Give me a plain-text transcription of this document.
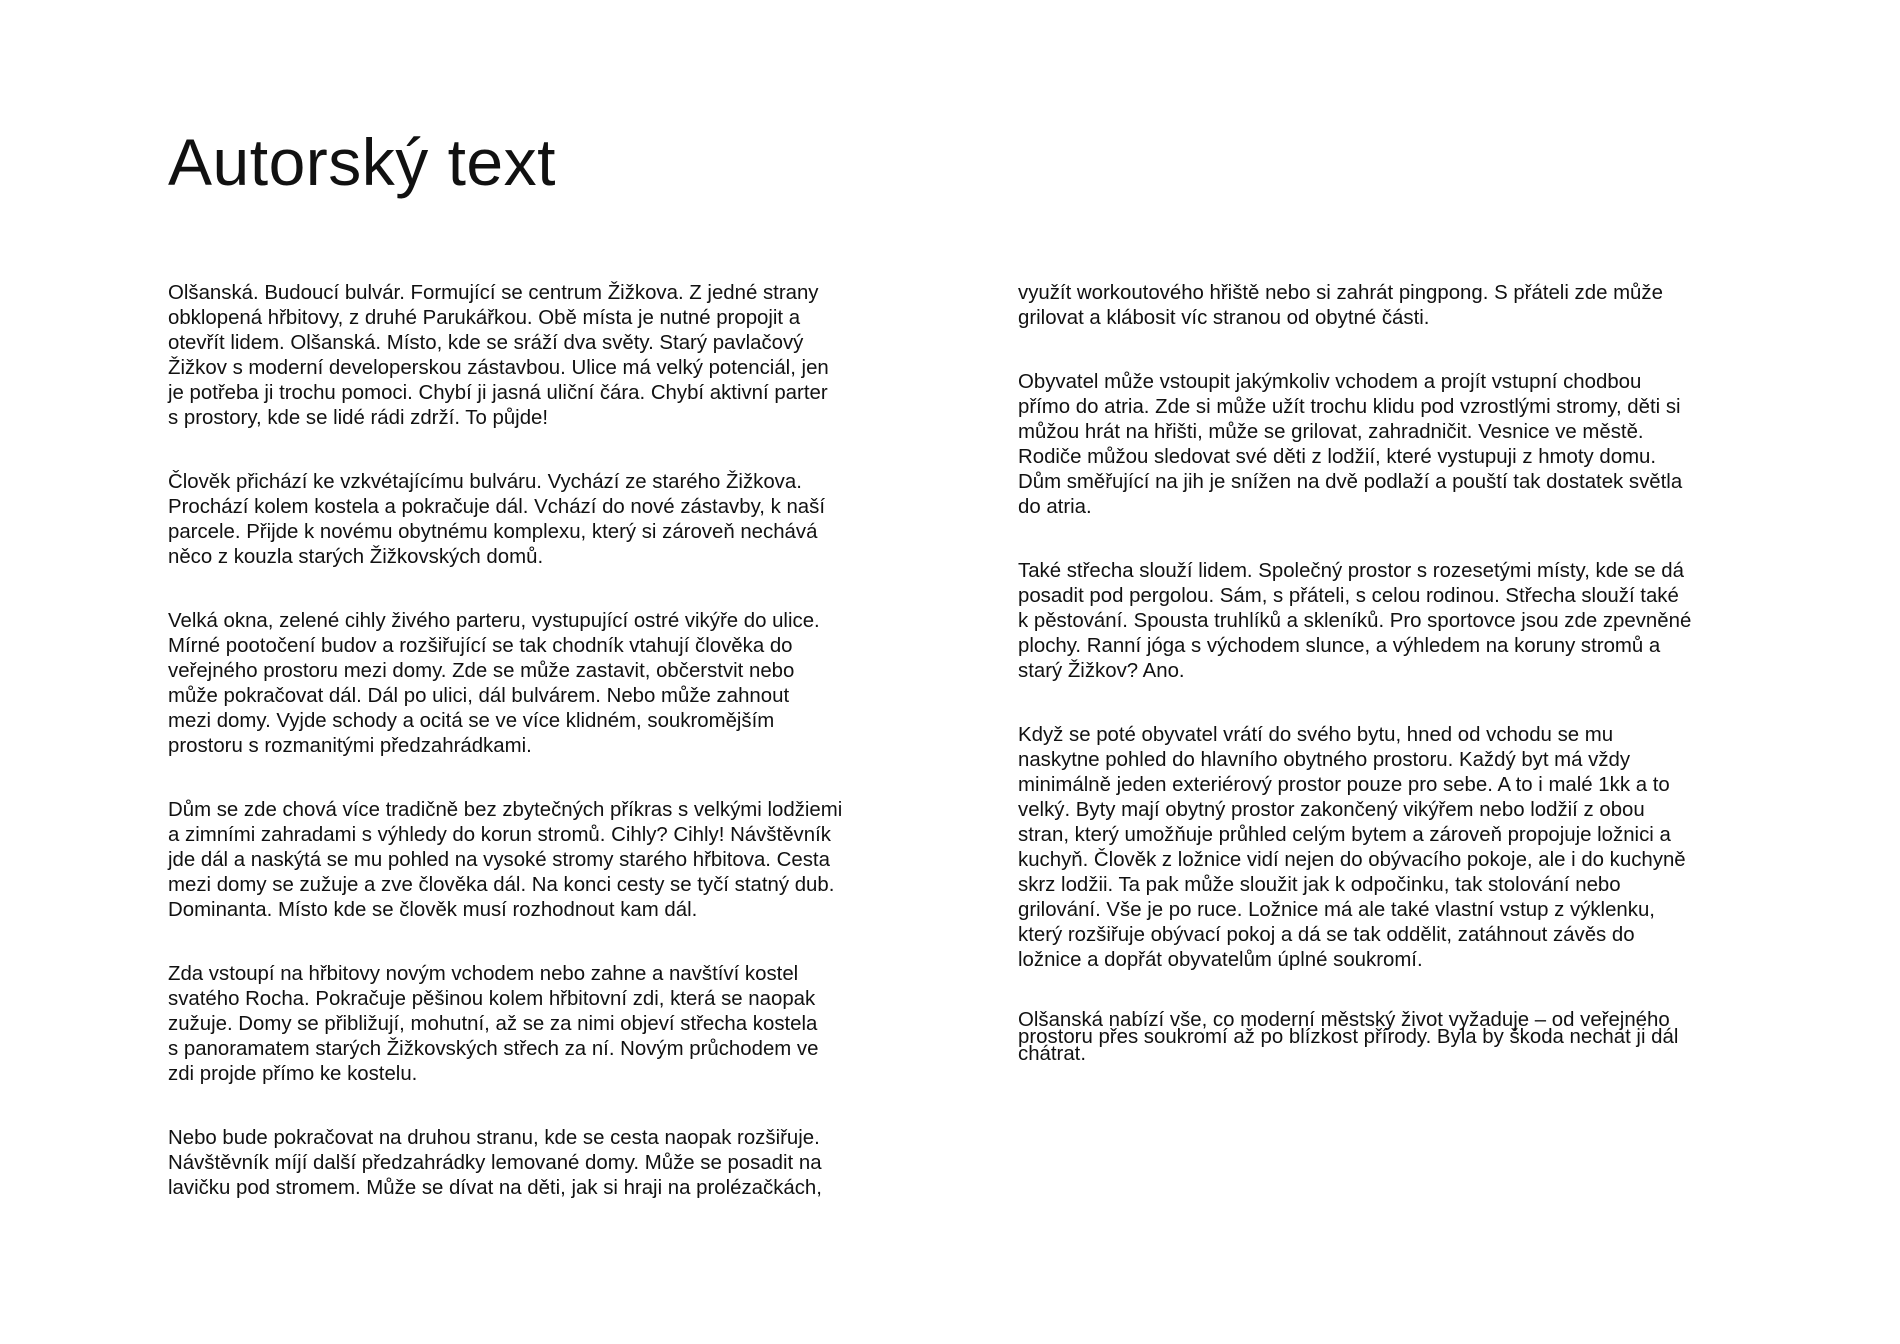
Autorský text

Olšanská. Budoucí bulvár. Formující se centrum Žižkova. Z jedné strany
obklopená hřbitovy, z druhé Parukářkou. Obě místa je nutné propojit a
otevřít lidem. Olšanská. Místo, kde se sráží dva světy. Starý pavlačový
Žižkov s moderní developerskou zástavbou. Ulice má velký potenciál, jen
je potřeba ji trochu pomoci. Chybí ji jasná uliční čára. Chybí aktivní parter
s prostory, kde se lidé rádi zdrží. To půjde!

Člověk přichází ke vzkvétajícímu bulváru. Vychází ze starého Žižkova.
Prochází kolem kostela a pokračuje dál. Vchází do nové zástavby, k naší
parcele. Přijde k novému obytnému komplexu, který si zároveň nechává
něco z kouzla starých Žižkovských domů.

Velká okna, zelené cihly živého parteru, vystupující ostré vikýře do ulice.
Mírné pootočení budov a rozšiřující se tak chodník vtahují člověka do
veřejného prostoru mezi domy. Zde se může zastavit, občerstvit nebo
může pokračovat dál. Dál po ulici, dál bulvárem. Nebo může zahnout
mezi domy. Vyjde schody a ocitá se ve více klidném, soukromějším
prostoru s rozmanitými předzahrádkami.

Dům se zde chová více tradičně bez zbytečných příkras s velkými lodžiemi
a zimními zahradami s výhledy do korun stromů. Cihly? Cihly! Návštěvník
jde dál a naskýtá se mu pohled na vysoké stromy starého hřbitova. Cesta
mezi domy se zužuje a zve člověka dál. Na konci cesty se tyčí statný dub.
Dominanta. Místo kde se člověk musí rozhodnout kam dál.

Zda vstoupí na hřbitovy novým vchodem nebo zahne a navštíví kostel
svatého Rocha. Pokračuje pěšinou kolem hřbitovní zdi, která se naopak
zužuje. Domy se přibližují, mohutní, až se za nimi objeví střecha kostela
s panoramatem starých Žižkovských střech za ní. Novým průchodem ve
zdi projde přímo ke kostelu.

Nebo bude pokračovat na druhou stranu, kde se cesta naopak rozšiřuje.
Návštěvník míjí další předzahrádky lemované domy. Může se posadit na
lavičku pod stromem. Může se dívat na děti, jak si hraji na prolézačkách,

využít workoutového hřiště nebo si zahrát pingpong. S přáteli zde může
grilovat a klábosit víc stranou od obytné části.

Obyvatel může vstoupit jakýmkoliv vchodem a projít vstupní chodbou
přímo do atria. Zde si může užít trochu klidu pod vzrostlými stromy, děti si
můžou hrát na hřišti, může se grilovat, zahradničit. Vesnice ve městě.
Rodiče můžou sledovat své děti z lodžií, které vystupuji z hmoty domu.
Dům směřující na jih je snížen na dvě podlaží a pouští tak dostatek světla
do atria.

Také střecha slouží lidem. Společný prostor s rozesetými místy, kde se dá
posadit pod pergolou. Sám, s přáteli, s celou rodinou. Střecha slouží také
k pěstování. Spousta truhlíků a skleníků. Pro sportovce jsou zde zpevněné
plochy. Ranní jóga s východem slunce, a výhledem na koruny stromů a
starý Žižkov? Ano.

Když se poté obyvatel vrátí do svého bytu, hned od vchodu se mu
naskytne pohled do hlavního obytného prostoru. Každý byt má vždy
minimálně jeden exteriérový prostor pouze pro sebe. A to i malé 1kk a to
velký. Byty mají obytný prostor zakončený vikýřem nebo lodžií z obou
stran, který umožňuje průhled celým bytem a zároveň propojuje ložnici a
kuchyň. Člověk z ložnice vidí nejen do obývacího pokoje, ale i do kuchyně
skrz lodžii. Ta pak může sloužit jak k odpočinku, tak stolování nebo
grilování. Vše je po ruce. Ložnice má ale také vlastní vstup z výklenku,
který rozšiřuje obývací pokoj a dá se tak oddělit, zatáhnout závěs do
ložnice a dopřát obyvatelům úplné soukromí.

Olšanská nabízí vše, co moderní městský život vyžaduje – od veřejného
prostoru přes soukromí až po blízkost přírody. Byla by škoda nechat ji dál
chátrat.
